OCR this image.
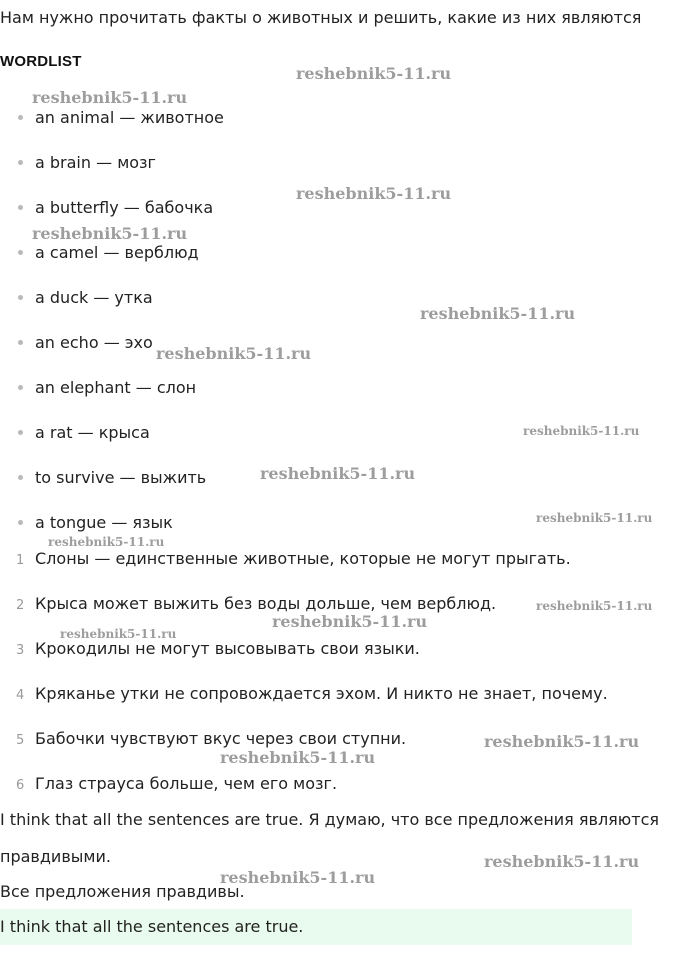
Нам нужно прочитать факты о животных и решить, какие из них являются
WORDLIST
an animal — животное
a brain — мозг
a butterfly — бабочка
a camel — верблюд
a duck — утка
an echo — эхо
an elephant — слон
a rat — крыса
to survive — выжить
a tongue — язык
1 Слоны — единственные животные, которые не могут прыгать.
2 Крыса может выжить без воды дольше, чем верблюд.
3 Крокодилы не могут высовывать свои языки.
4 Кряканье утки не сопровождается эхом. И никто не знает, почему.
5 Бабочки чувствуют вкус через свои ступни.
6 Глаз страуса больше, чем его мозг.
I think that all the sentences are true. Я думаю, что все предложения являются
правдивыми.
Все предложения правдивы.
I think that all the sentences are true.
reshebnik5-11.ru
reshebnik5-11.ru
reshebnik5-11.ru
reshebnik5-11.ru
reshebnik5-11.ru
reshebnik5-11.ru
reshebnik5-11.ru
reshebnik5-11.ru
reshebnik5-11.ru
reshebnik5-11.ru
reshebnik5-11.ru
reshebnik5-11.ru
reshebnik5-11.ru
reshebnik5-11.ru
reshebnik5-11.ru
reshebnik5-11.ru
reshebnik5-11.ru
